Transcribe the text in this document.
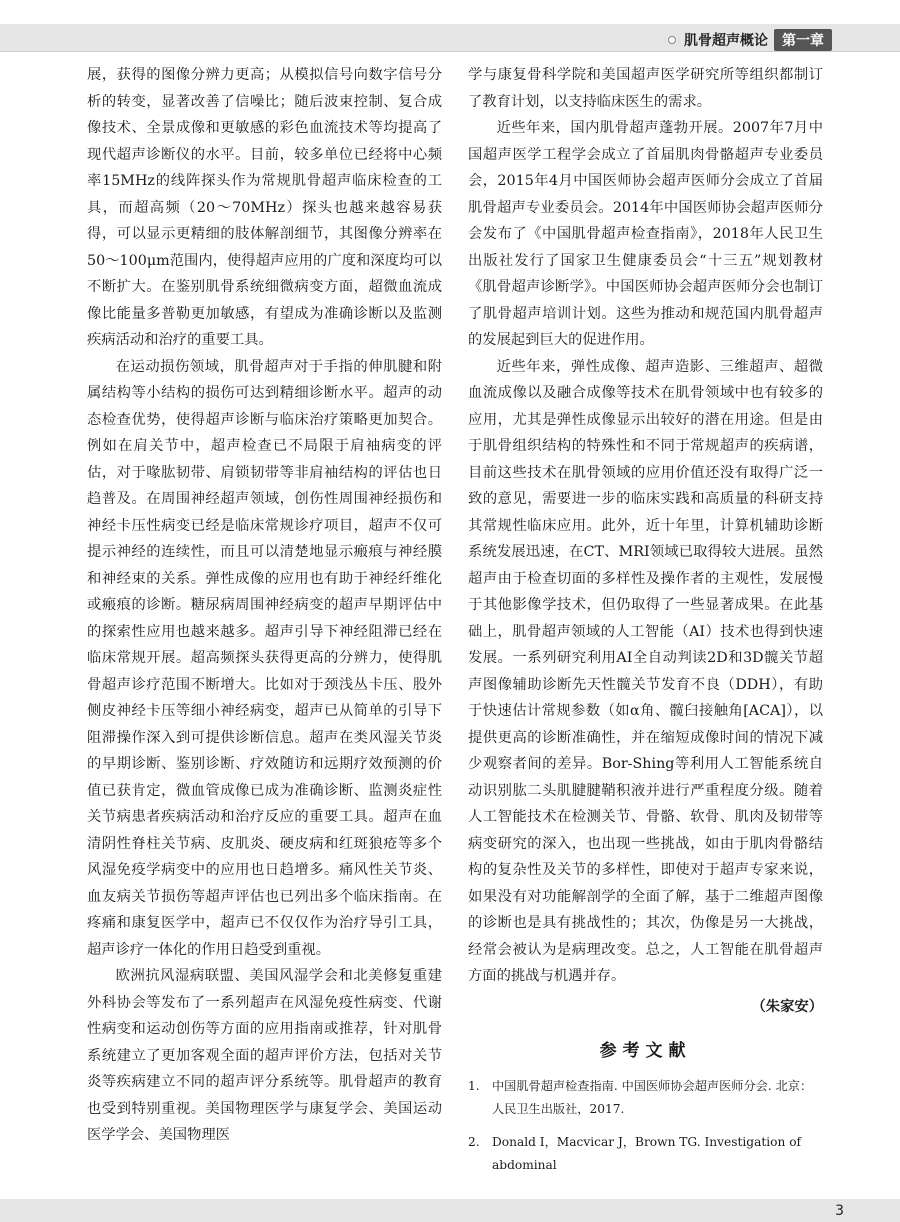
肌骨超声概论	第一章

展，获得的图像分辨力更高；从模拟信号向数字信号分析的转变，显著改善了信噪比；随后波束控制、复合成像技术、全景成像和更敏感的彩色血流技术等均提高了现代超声诊断仪的水平。目前，较多单位已经将中心频率15MHz的线阵探头作为常规肌骨超声临床检查的工具，而超高频（20～70MHz）探头也越来越容易获得，可以显示更精细的肢体解剖细节，其图像分辨率在50～100μm范围内，使得超声应用的广度和深度均可以不断扩大。在鉴别肌骨系统细微病变方面，超微血流成像比能量多普勒更加敏感，有望成为准确诊断以及监测疾病活动和治疗的重要工具。

在运动损伤领域，肌骨超声对于手指的伸肌腱和附属结构等小结构的损伤可达到精细诊断水平。超声的动态检查优势，使得超声诊断与临床治疗策略更加契合。例如在肩关节中，超声检查已不局限于肩袖病变的评估，对于喙肱韧带、肩锁韧带等非肩袖结构的评估也日趋普及。在周围神经超声领域，创伤性周围神经损伤和神经卡压性病变已经是临床常规诊疗项目，超声不仅可提示神经的连续性，而且可以清楚地显示瘢痕与神经膜和神经束的关系。弹性成像的应用也有助于神经纤维化或瘢痕的诊断。糖尿病周围神经病变的超声早期评估中的探索性应用也越来越多。超声引导下神经阻滞已经在临床常规开展。超高频探头获得更高的分辨力，使得肌骨超声诊疗范围不断增大。比如对于颈浅丛卡压、股外侧皮神经卡压等细小神经病变，超声已从简单的引导下阻滞操作深入到可提供诊断信息。超声在类风湿关节炎的早期诊断、鉴别诊断、疗效随访和远期疗效预测的价值已获肯定，微血管成像已成为准确诊断、监测炎症性关节病患者疾病活动和治疗反应的重要工具。超声在血清阴性脊柱关节病、皮肌炎、硬皮病和红斑狼疮等多个风湿免疫学病变中的应用也日趋增多。痛风性关节炎、血友病关节损伤等超声评估也已列出多个临床指南。在疼痛和康复医学中，超声已不仅仅作为治疗导引工具，超声诊疗一体化的作用日趋受到重视。

欧洲抗风湿病联盟、美国风湿学会和北美修复重建外科协会等发布了一系列超声在风湿免疫性病变、代谢性病变和运动创伤等方面的应用指南或推荐，针对肌骨系统建立了更加客观全面的超声评价方法，包括对关节炎等疾病建立不同的超声评分系统等。肌骨超声的教育也受到特别重视。美国物理医学与康复学会、美国运动医学学会、美国物理医

学与康复骨科学院和美国超声医学研究所等组织都制订了教育计划，以支持临床医生的需求。

近些年来，国内肌骨超声蓬勃开展。2007年7月中国超声医学工程学会成立了首届肌肉骨骼超声专业委员会，2015年4月中国医师协会超声医师分会成立了首届肌骨超声专业委员会。2014年中国医师协会超声医师分会发布了《中国肌骨超声检查指南》，2018年人民卫生出版社发行了国家卫生健康委员会“十三五”规划教材《肌骨超声诊断学》。中国医师协会超声医师分会也制订了肌骨超声培训计划。这些为推动和规范国内肌骨超声的发展起到巨大的促进作用。

近些年来，弹性成像、超声造影、三维超声、超微血流成像以及融合成像等技术在肌骨领域中也有较多的应用，尤其是弹性成像显示出较好的潜在用途。但是由于肌骨组织结构的特殊性和不同于常规超声的疾病谱，目前这些技术在肌骨领域的应用价值还没有取得广泛一致的意见，需要进一步的临床实践和高质量的科研支持其常规性临床应用。此外，近十年里，计算机辅助诊断系统发展迅速，在CT、MRI领域已取得较大进展。虽然超声由于检查切面的多样性及操作者的主观性，发展慢于其他影像学技术，但仍取得了一些显著成果。在此基础上，肌骨超声领域的人工智能（AI）技术也得到快速发展。一系列研究利用AI全自动判读2D和3D髋关节超声图像辅助诊断先天性髋关节发育不良（DDH），有助于快速估计常规参数（如α角、髋臼接触角[ACA]），以提供更高的诊断准确性，并在缩短成像时间的情况下减少观察者间的差异。Bor-Shing等利用人工智能系统自动识别肱二头肌腱腱鞘积液并进行严重程度分级。随着人工智能技术在检测关节、骨骼、软骨、肌肉及韧带等病变研究的深入，也出现一些挑战，如由于肌肉骨骼结构的复杂性及关节的多样性，即使对于超声专家来说，如果没有对功能解剖学的全面了解，基于二维超声图像的诊断也是具有挑战性的；其次，伪像是另一大挑战，经常会被认为是病理改变。总之，人工智能在肌骨超声方面的挑战与机遇并存。

（朱家安）
参考文献
1.	中国肌骨超声检查指南. 中国医师协会超声医师分会. 北京：人民卫生出版社，2017.
2.	Donald I，Macvicar J，Brown TG. Investigation of abdominal
3
